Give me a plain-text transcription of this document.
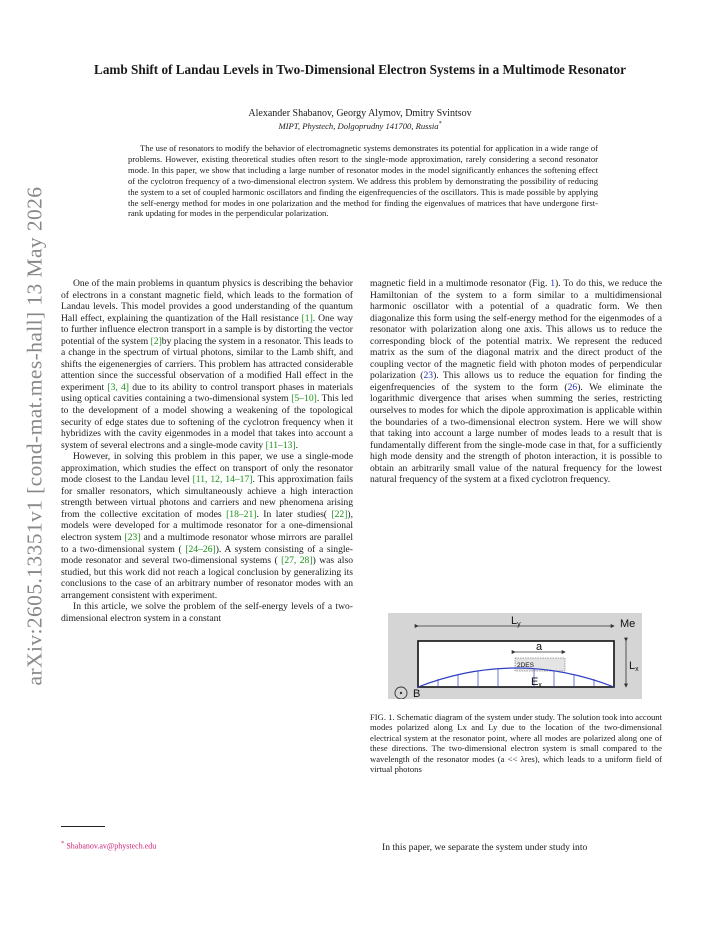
arXiv:2605.13351v1 [cond-mat.mes-hall] 13 May 2026
Lamb Shift of Landau Levels in Two-Dimensional Electron Systems in a Multimode Resonator
Alexander Shabanov, Georgy Alymov, Dmitry Svintsov
MIPT, Phystech, Dolgoprudny 141700, Russia*
The use of resonators to modify the behavior of electromagnetic systems demonstrates its potential for application in a wide range of problems. However, existing theoretical studies often resort to the single-mode approximation, rarely considering a second resonator mode. In this paper, we show that including a large number of resonator modes in the model significantly enhances the softening effect of the cyclotron frequency of a two-dimensional electron system. We address this problem by demonstrating the possibility of reducing the system to a set of coupled harmonic oscillators and finding the eigenfrequencies of the oscillators. This is made possible by applying the self-energy method for modes in one polarization and the method for finding the eigenvalues of matrices that have undergone first-rank updating for modes in the perpendicular polarization.

One of the main problems in quantum physics is describing the behavior of electrons in a constant magnetic field, which leads to the formation of Landau levels. This model provides a good understanding of the quantum Hall effect, explaining the quantization of the Hall resistance [1]. One way to further influence electron transport in a sample is by distorting the vector potential of the system [2]by placing the system in a resonator. This leads to a change in the spectrum of virtual photons, similar to the Lamb shift, and shifts the eigenenergies of carriers. This problem has attracted considerable attention since the successful observation of a modified Hall effect in the experiment [3, 4] due to its ability to control transport phases in materials using optical cavities containing a two-dimensional system [5–10]. This led to the development of a model showing a weakening of the topological security of edge states due to softening of the cyclotron frequency when it hybridizes with the cavity eigenmodes in a model that takes into account a system of several electrons and a single-mode cavity [11–13].

However, in solving this problem in this paper, we use a single-mode approximation, which studies the effect on transport of only the resonator mode closest to the Landau level [11, 12, 14–17]. This approximation fails for smaller resonators, which simultaneously achieve a high interaction strength between virtual photons and carriers and new phenomena arising from the collective excitation of modes [18–21]. In later studies( [22]), models were developed for a multimode resonator for a one-dimensional electron system [23] and a multimode resonator whose mirrors are parallel to a two-dimensional system ( [24–26]). A system consisting of a single-mode resonator and several two-dimensional systems ( [27, 28]) was also studied, but this work did not reach a logical conclusion by generalizing its conclusions to the case of an arbitrary number of resonator modes with an arrangement consistent with experiment.

In this article, we solve the problem of the self-energy levels of a two-dimensional electron system in a constant

magnetic field in a multimode resonator (Fig. 1). To do this, we reduce the Hamiltonian of the system to a form similar to a multidimensional harmonic oscillator with a potential of a quadratic form. We then diagonalize this form using the self-energy method for the eigenmodes of a resonator with polarization along one axis. This allows us to reduce the corresponding block of the potential matrix. We represent the reduced matrix as the sum of the diagonal matrix and the direct product of the coupling vector of the magnetic field with photon modes of perpendicular polarization (23). This allows us to reduce the equation for finding the eigenfrequencies of the system to the form (26). We eliminate the logarithmic divergence that arises when summing the series, restricting ourselves to modes for which the dipole approximation is applicable within the boundaries of a two-dimensional electron system. Here we will show that taking into account a large number of modes leads to a result that is fundamentally different from the single-mode case in that, for a sufficiently high mode density and the strength of photon interaction, it is possible to obtain an arbitrarily small value of the natural frequency for the lowest natural frequency of the system at a fixed cyclotron frequency.

Ly	Me
Lx
a
2DES
Ex
B
FIG. 1. Schematic diagram of the system under study. The solution took into account modes polarized along Lx and Ly due to the location of the two-dimensional electrical system at the resonator point, where all modes are polarized along one of these directions. The two-dimensional electron system is small compared to the wavelength of the resonator modes (a << λres), which leads to a uniform field of virtual photons
* Shabanov.av@phystech.edu	In this paper, we separate the system under study into
